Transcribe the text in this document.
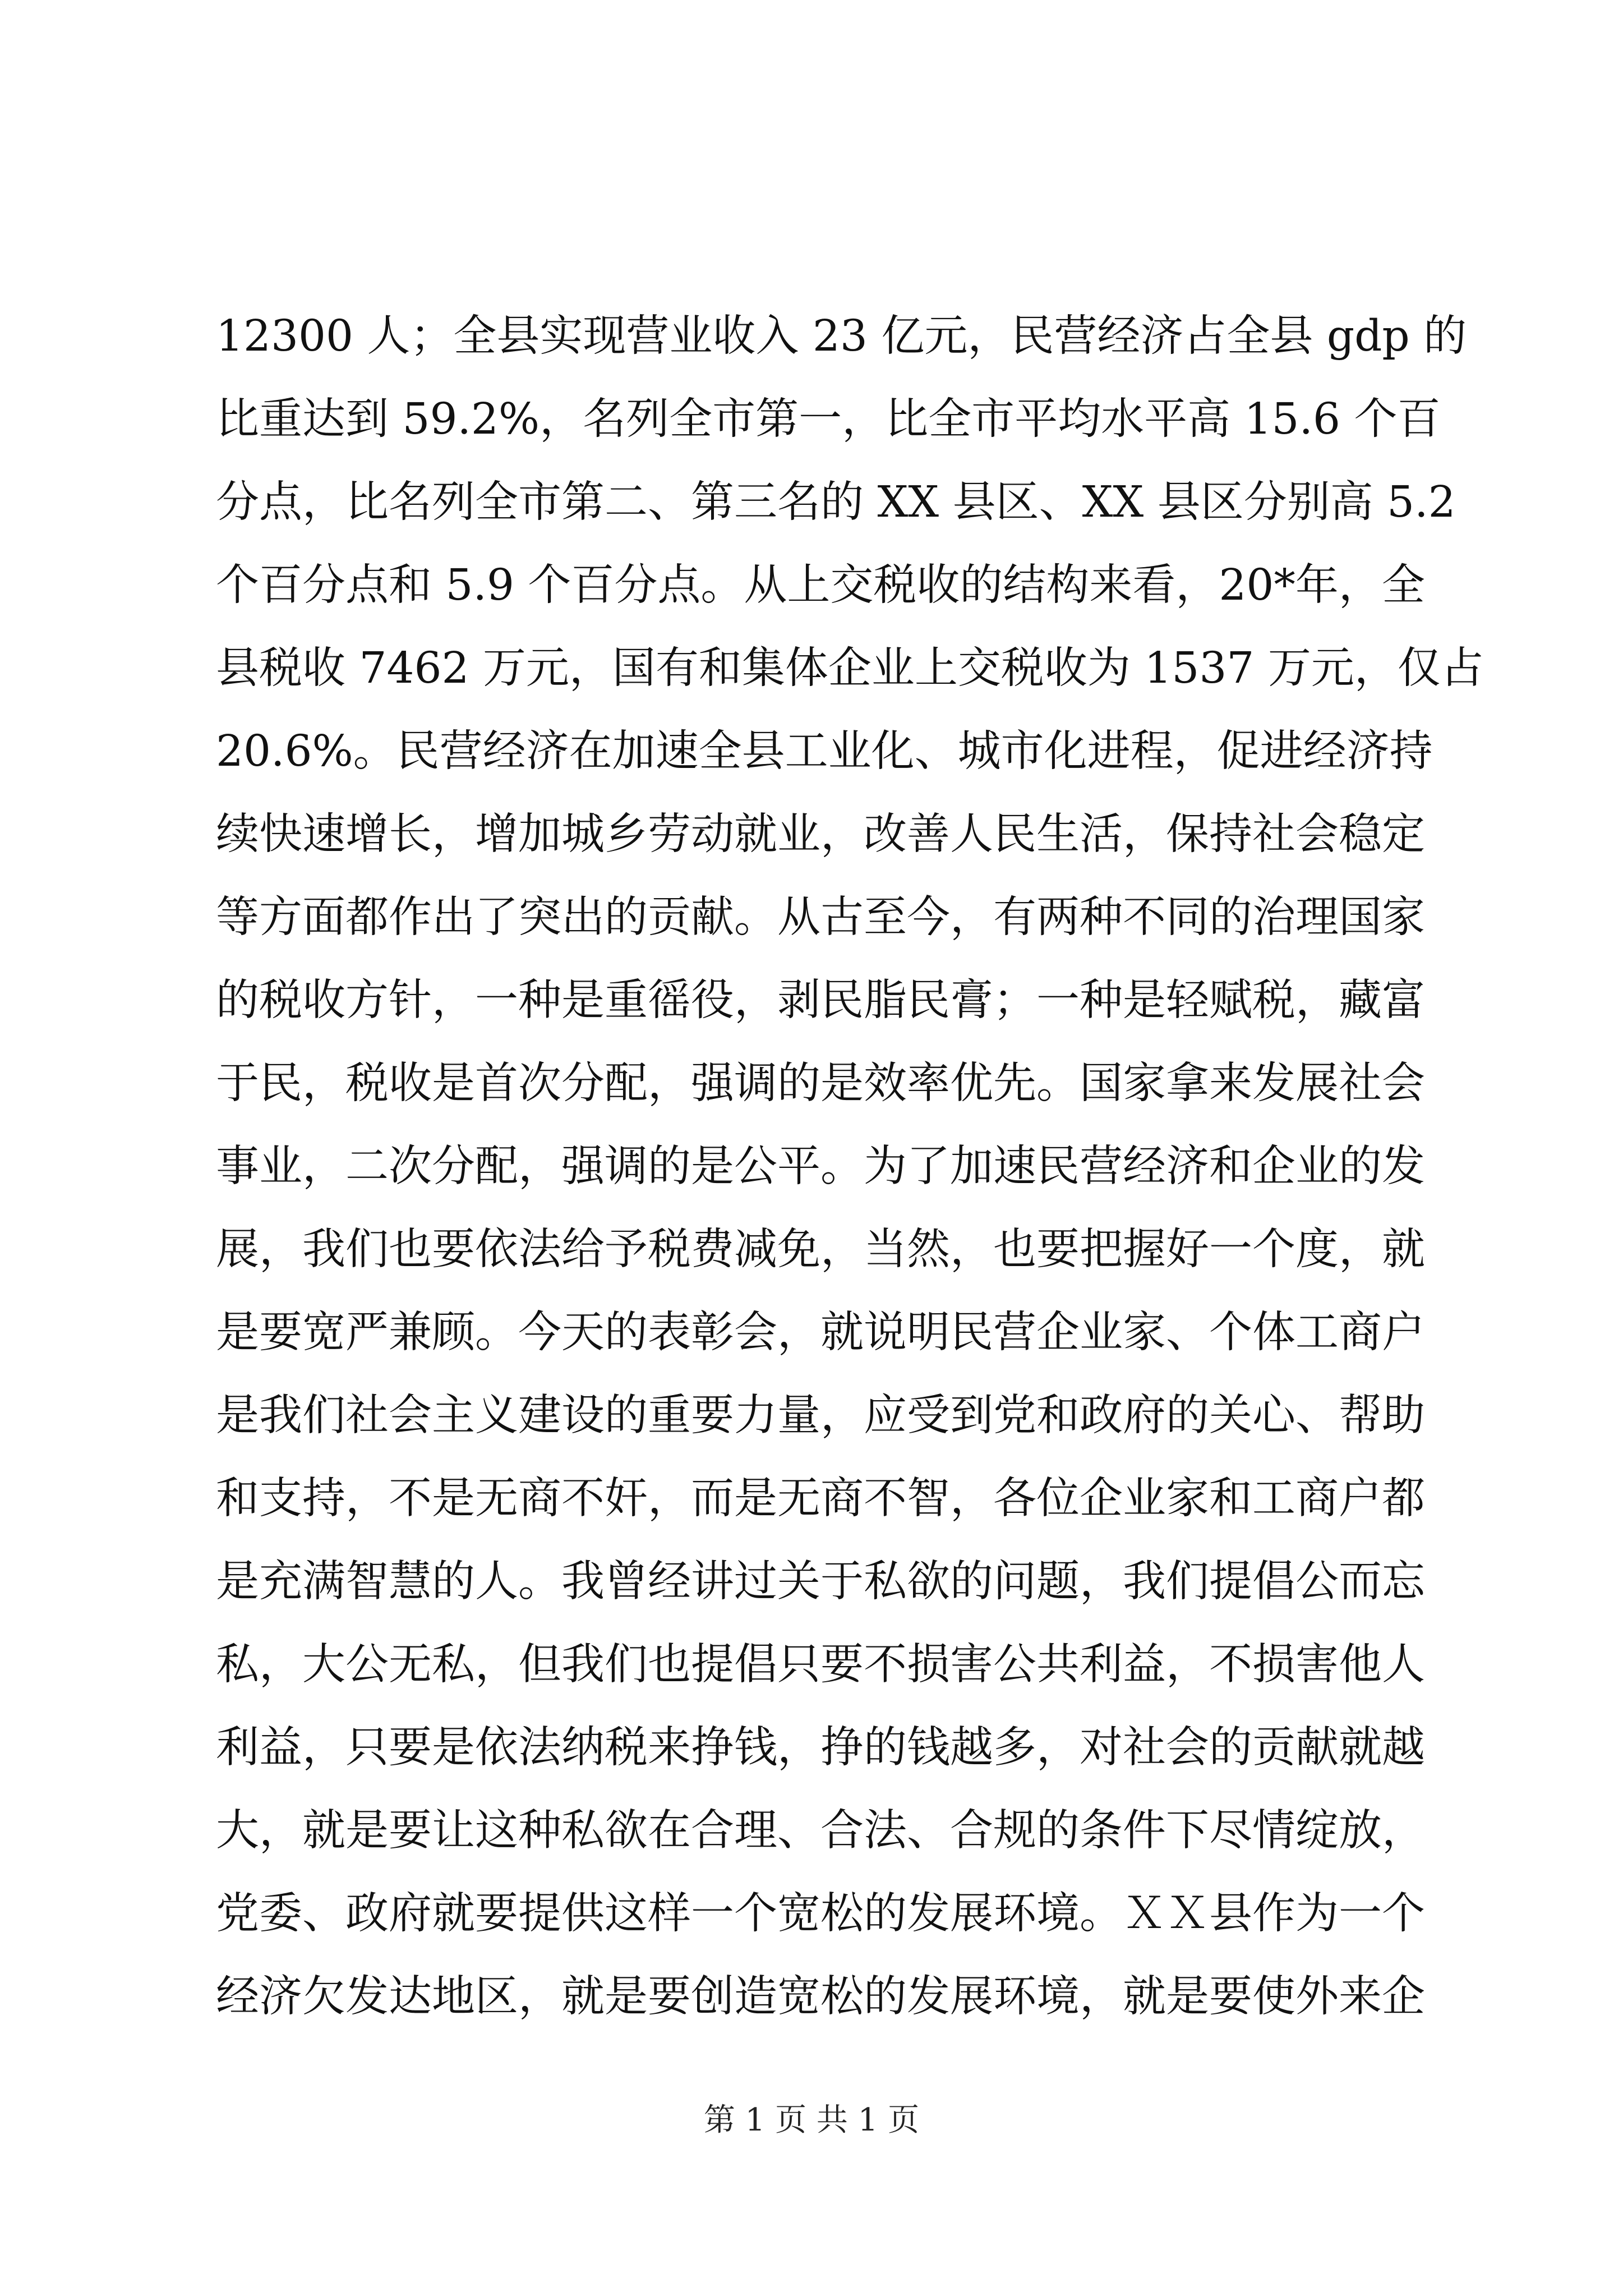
12300 人；全县实现营业收入 23 亿元，民营经济占全县 gdp 的
比重达到 59.2%，名列全市第一，比全市平均水平高 15.6 个百
分点，比名列全市第二、第三名的 XX 县区、XX 县区分别高 5.2
个百分点和 5.9 个百分点。从上交税收的结构来看，20*年，全
县税收 7462 万元，国有和集体企业上交税收为 1537 万元，仅占
20.6%。民营经济在加速全县工业化、城市化进程，促进经济持
续快速增长，增加城乡劳动就业，改善人民生活，保持社会稳定
等方面都作出了突出的贡献。从古至今，有两种不同的治理国家
的税收方针，一种是重徭役，剥民脂民膏；一种是轻赋税，藏富
于民，税收是首次分配，强调的是效率优先。国家拿来发展社会
事业，二次分配，强调的是公平。为了加速民营经济和企业的发
展，我们也要依法给予税费减免，当然，也要把握好一个度，就
是要宽严兼顾。今天的表彰会，就说明民营企业家、个体工商户
是我们社会主义建设的重要力量，应受到党和政府的关心、帮助
和支持，不是无商不奸，而是无商不智，各位企业家和工商户都
是充满智慧的人。我曾经讲过关于私欲的问题，我们提倡公而忘
私，大公无私，但我们也提倡只要不损害公共利益，不损害他人
利益，只要是依法纳税来挣钱，挣的钱越多，对社会的贡献就越
大，就是要让这种私欲在合理、合法、合规的条件下尽情绽放，
党委、政府就要提供这样一个宽松的发展环境。ＸＸ县作为一个
经济欠发达地区，就是要创造宽松的发展环境，就是要使外来企
第 1 页 共 1 页
